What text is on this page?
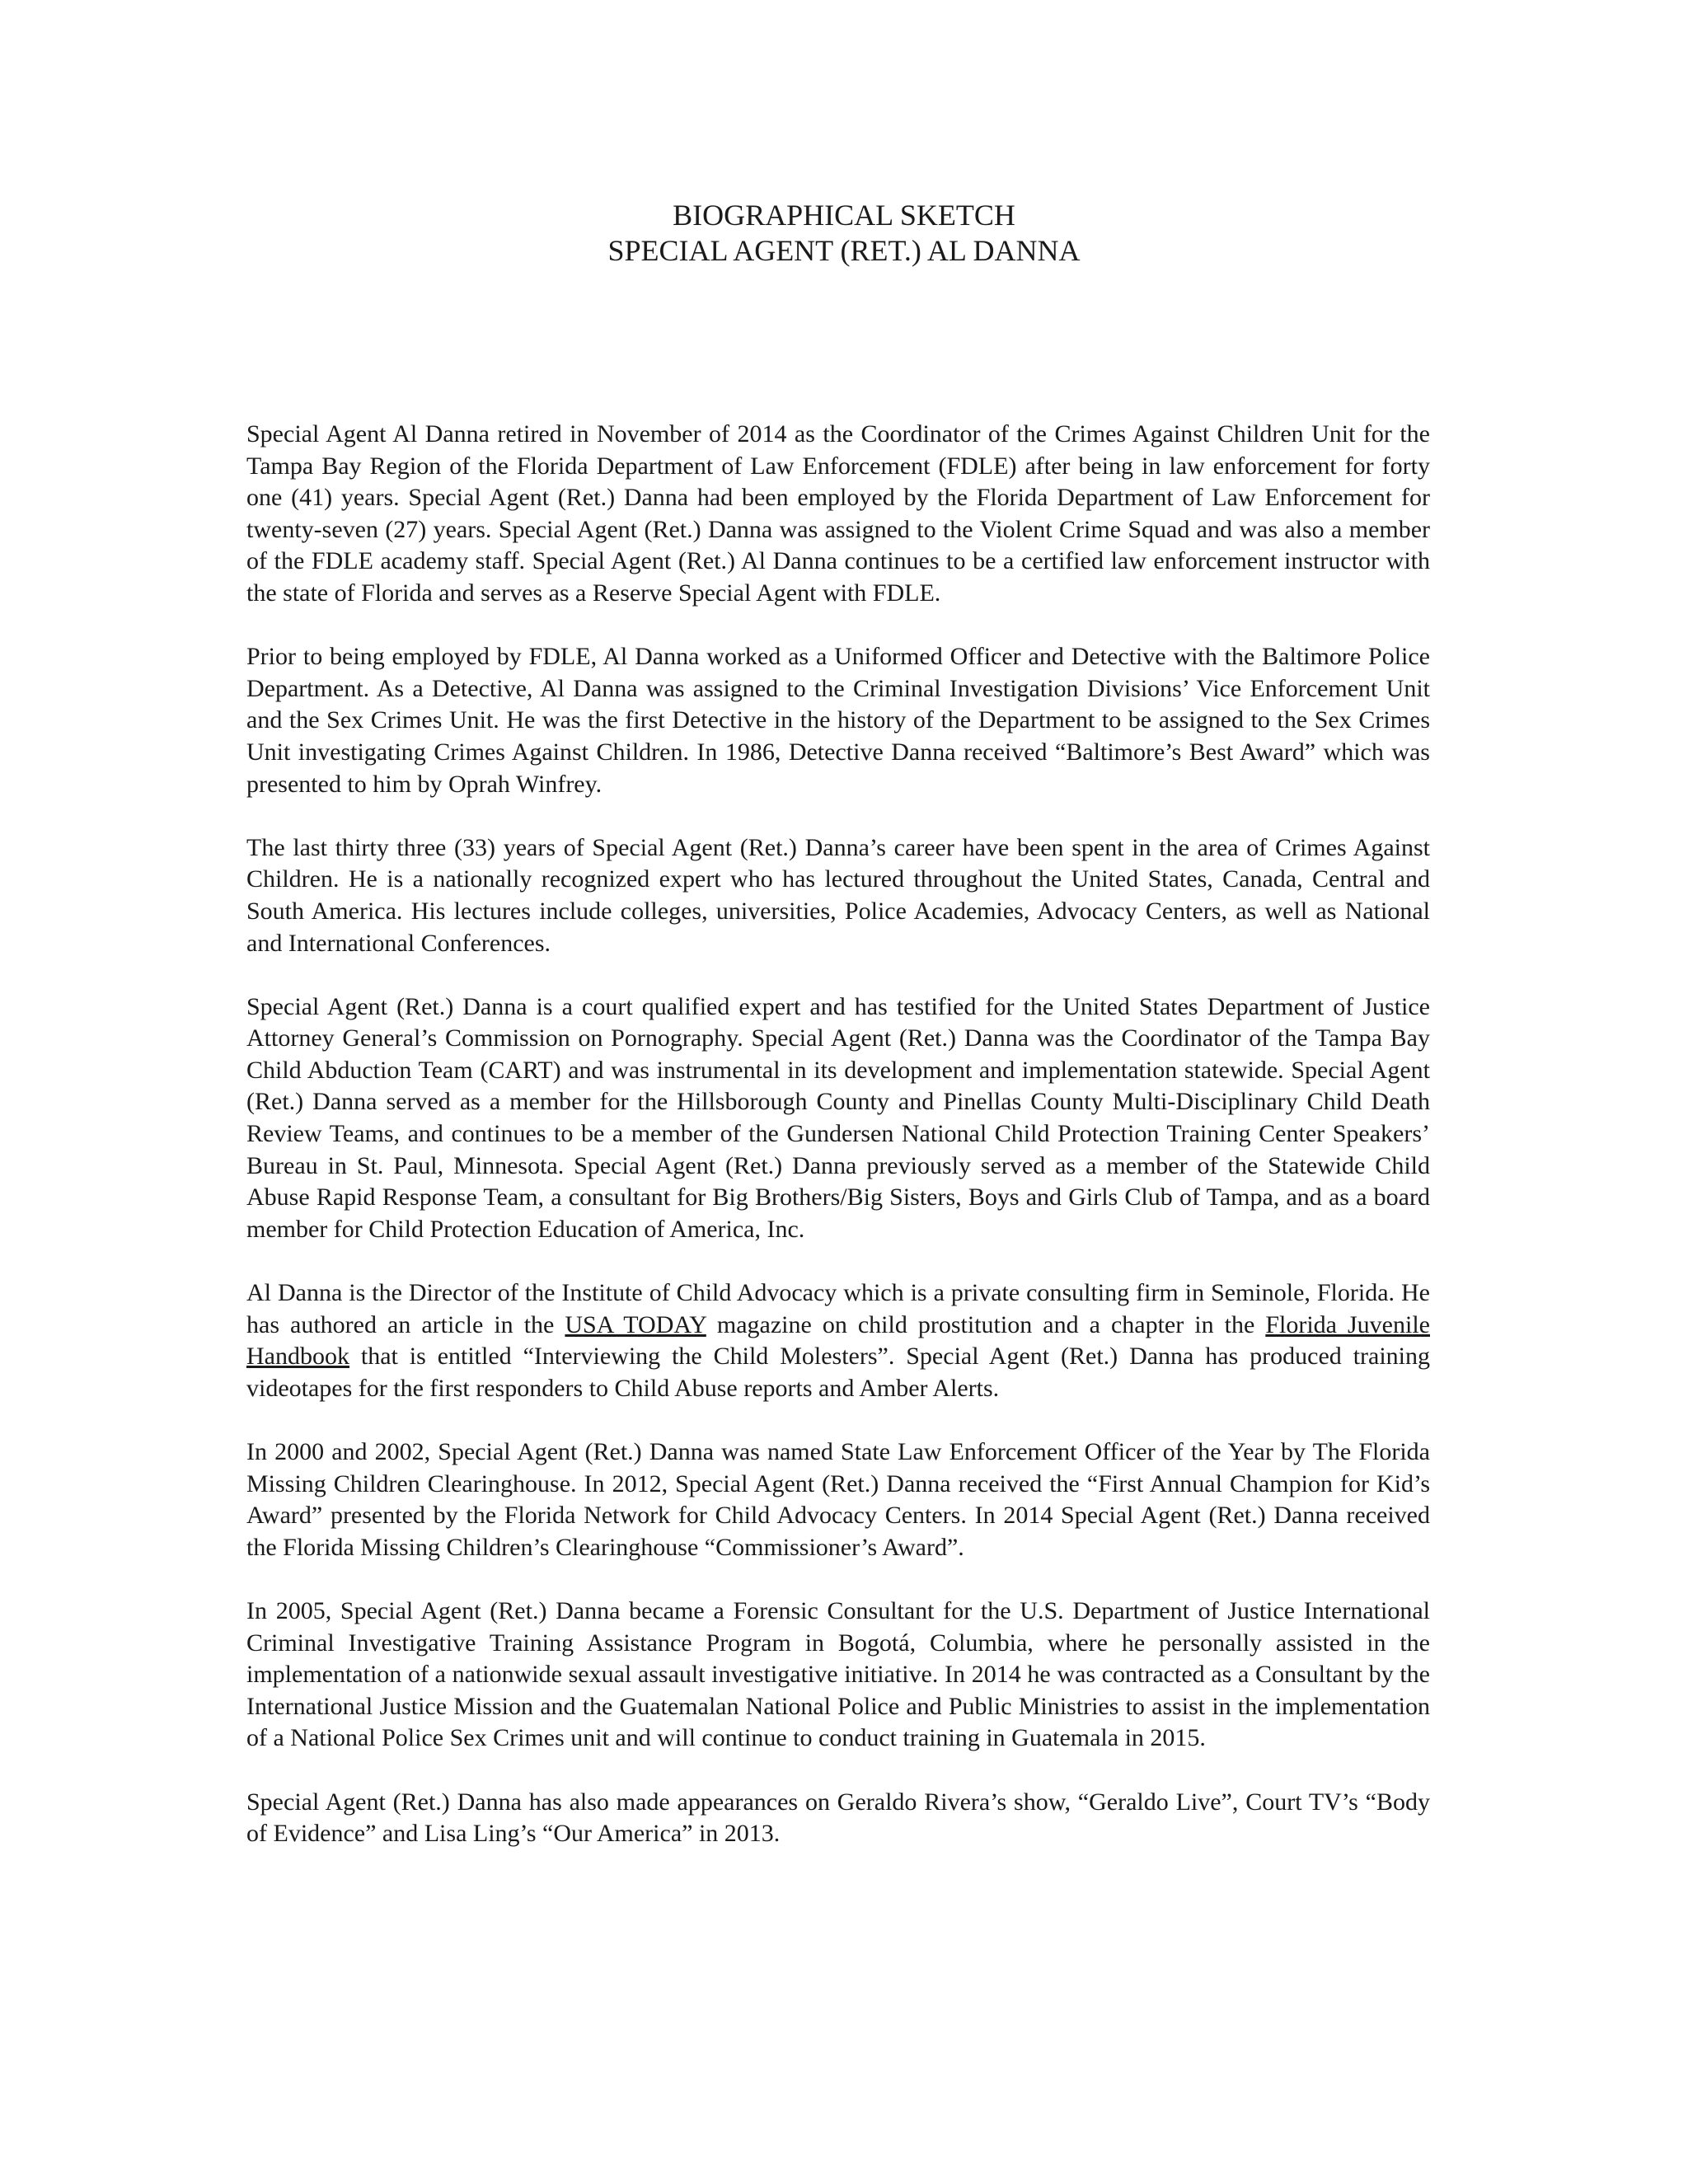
BIOGRAPHICAL SKETCH
SPECIAL AGENT (RET.) AL DANNA

Special Agent Al Danna retired in November of 2014 as the Coordinator of the Crimes Against Children Unit for the Tampa Bay Region of the Florida Department of Law Enforcement (FDLE) after being in law enforcement for forty one (41) years. Special Agent (Ret.) Danna had been employed by the Florida Department of Law Enforcement for twenty-seven (27) years. Special Agent (Ret.) Danna was assigned to the Violent Crime Squad and was also a member of the FDLE academy staff. Special Agent (Ret.) Al Danna continues to be a certified law enforcement instructor with the state of Florida and serves as a Reserve Special Agent with FDLE.

Prior to being employed by FDLE, Al Danna worked as a Uniformed Officer and Detective with the Baltimore Police Department. As a Detective, Al Danna was assigned to the Criminal Investigation Divisions’ Vice Enforcement Unit and the Sex Crimes Unit. He was the first Detective in the history of the Department to be assigned to the Sex Crimes Unit investigating Crimes Against Children. In 1986, Detective Danna received “Baltimore’s Best Award” which was presented to him by Oprah Winfrey.

The last thirty three (33) years of Special Agent (Ret.) Danna’s career have been spent in the area of Crimes Against Children. He is a nationally recognized expert who has lectured throughout the United States, Canada, Central and South America. His lectures include colleges, universities, Police Academies, Advocacy Centers, as well as National and International Conferences.

Special Agent (Ret.) Danna is a court qualified expert and has testified for the United States Department of Justice Attorney General’s Commission on Pornography. Special Agent (Ret.) Danna was the Coordinator of the Tampa Bay Child Abduction Team (CART) and was instrumental in its development and implementation statewide. Special Agent (Ret.) Danna served as a member for the Hillsborough County and Pinellas County Multi-Disciplinary Child Death Review Teams, and continues to be a member of the Gundersen National Child Protection Training Center Speakers’ Bureau in St. Paul, Minnesota. Special Agent (Ret.) Danna previously served as a member of the Statewide Child Abuse Rapid Response Team, a consultant for Big Brothers/Big Sisters, Boys and Girls Club of Tampa, and as a board member for Child Protection Education of America, Inc.

Al Danna is the Director of the Institute of Child Advocacy which is a private consulting firm in Seminole, Florida. He has authored an article in the USA TODAY magazine on child prostitution and a chapter in the Florida Juvenile Handbook that is entitled “Interviewing the Child Molesters”. Special Agent (Ret.) Danna has produced training videotapes for the first responders to Child Abuse reports and Amber Alerts.

In 2000 and 2002, Special Agent (Ret.) Danna was named State Law Enforcement Officer of the Year by The Florida Missing Children Clearinghouse. In 2012, Special Agent (Ret.) Danna received the “First Annual Champion for Kid’s Award” presented by the Florida Network for Child Advocacy Centers. In 2014 Special Agent (Ret.) Danna received the Florida Missing Children’s Clearinghouse “Commissioner’s Award”.

In 2005, Special Agent (Ret.) Danna became a Forensic Consultant for the U.S. Department of Justice International Criminal Investigative Training Assistance Program in Bogotá, Columbia, where he personally assisted in the implementation of a nationwide sexual assault investigative initiative. In 2014 he was contracted as a Consultant by the International Justice Mission and the Guatemalan National Police and Public Ministries to assist in the implementation of a National Police Sex Crimes unit and will continue to conduct training in Guatemala in 2015.

Special Agent (Ret.) Danna has also made appearances on Geraldo Rivera’s show, “Geraldo Live”, Court TV’s “Body of Evidence” and Lisa Ling’s “Our America” in 2013.
